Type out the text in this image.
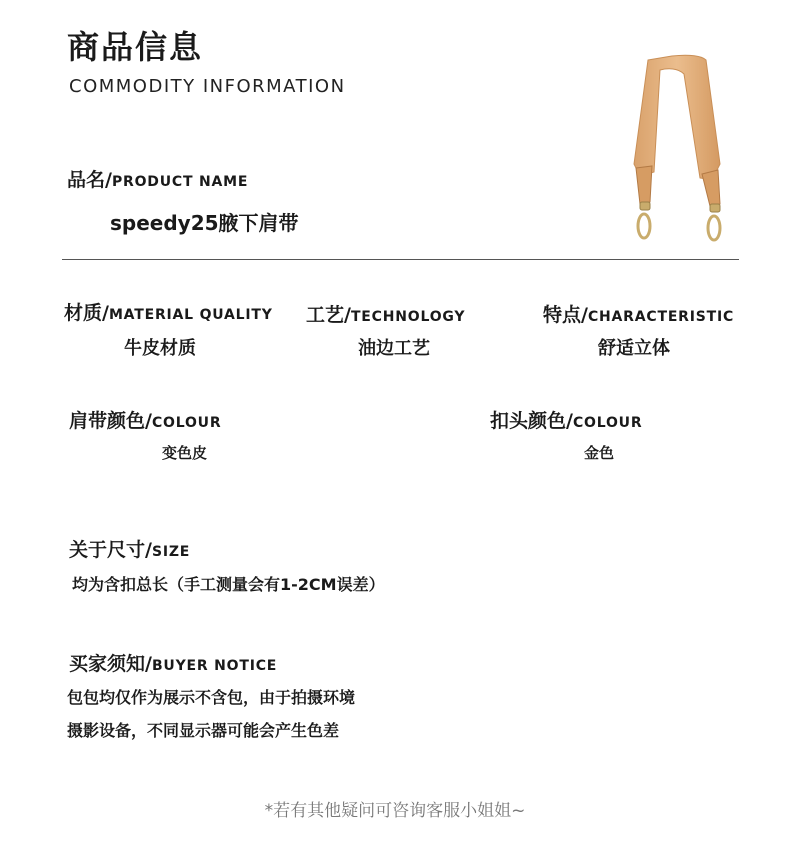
商品信息
COMMODITY INFORMATION
品名/PRODUCT NAME
speedy25腋下肩带
材质/MATERIAL QUALITY
牛皮材质
工艺/TECHNOLOGY
油边工艺
特点/CHARACTERISTIC
舒适立体
肩带颜色/COLOUR
变色皮
扣头颜色/COLOUR
金色
关于尺寸/SIZE
均为含扣总长（手工测量会有1-2CM误差）
买家须知/BUYER NOTICE
包包均仅作为展示不含包，由于拍摄环境
摄影设备，不同显示器可能会产生色差
*若有其他疑问可咨询客服小姐姐~
